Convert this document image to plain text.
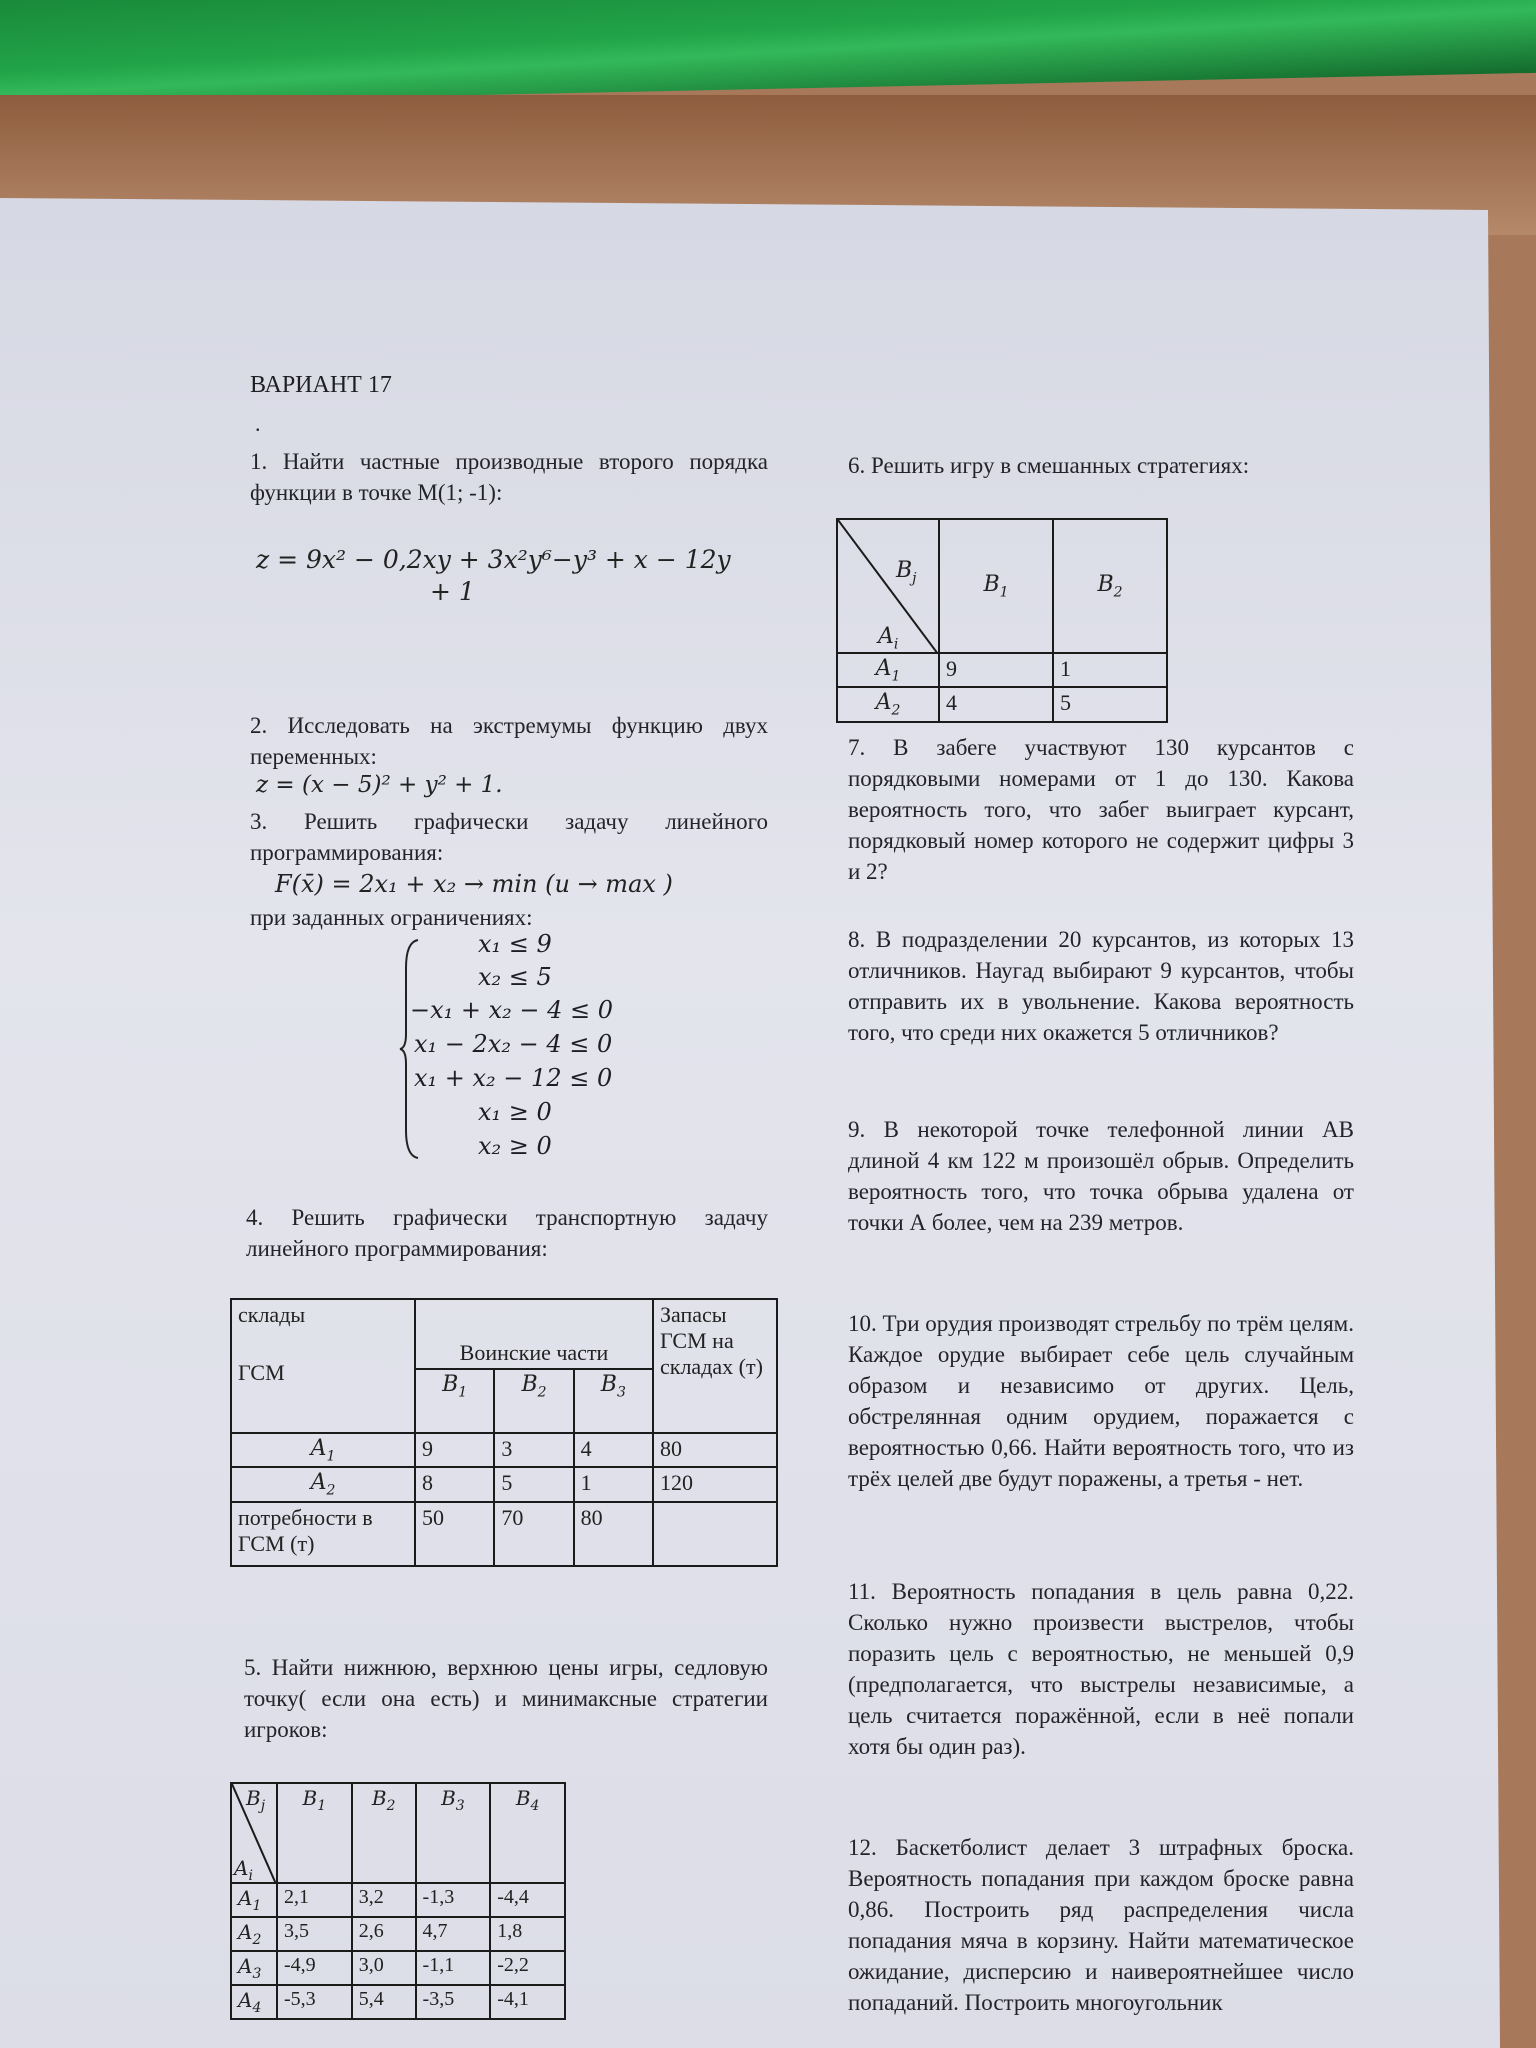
ВАРИАНТ 17
.
1. Найти частные производные второго порядка функции в точке М(1; -1):
z = 9x² − 0,2xy + 3x²y⁶−y³ + x − 12y
+ 1
2. Исследовать на экстремумы функцию двух переменных:
z = (x − 5)² + y² + 1.
3. Решить графически задачу линейного программирования:
F(x̄) = 2x₁ + x₂ → min (и → max )
при заданных ограничениях:
x₁ ≤ 9
x₂ ≤ 5
−x₁ + x₂ − 4 ≤ 0
x₁ − 2x₂ − 4 ≤ 0
x₁ + x₂ − 12 ≤ 0
x₁ ≥ 0
x₂ ≥ 0
4. Решить графически транспортную задачу линейного программирования:
склады
ГСМ	Воинские части			Запасы ГСМ на складах (т)
	$B_1$	$B_2$	$B_3$
$A_1$	9	3	4	80
$A_2$	8	5	1	120
потребности в ГСМ (т)	50	70	80	
5. Найти нижнюю, верхнюю цены игры, седловую точку( если она есть) и минимаксные стратегии игроков:
$B_j$
$A_i$	$B_1$	$B_2$	$B_3$	$B_4$
$A_1$	2,1	3,2	-1,3	-4,4
$A_2$	3,5	2,6	4,7	1,8
$A_3$	-4,9	3,0	-1,1	-2,2
$A_4$	-5,3	5,4	-3,5	-4,1
6. Решить игру в смешанных стратегиях:
$B_j$
$A_i$	$B_1$	$B_2$
$A_1$	9	1
$A_2$	4	5
7. В забеге участвуют 130 курсантов с порядковыми номерами от 1 до 130. Какова вероятность того, что забег выиграет курсант, порядковый номер которого не содержит цифры 3 и 2?
8. В подразделении 20 курсантов, из которых 13 отличников. Наугад выбирают 9 курсантов, чтобы отправить их в увольнение. Какова вероятность того, что среди них окажется 5 отличников?
9. В некоторой точке телефонной линии АВ длиной 4 км 122 м произошёл обрыв. Определить вероятность того, что точка обрыва удалена от точки А более, чем на 239 метров.
10. Три орудия производят стрельбу по трём целям. Каждое орудие выбирает себе цель случайным образом и независимо от других. Цель, обстрелянная одним орудием, поражается с вероятностью 0,66. Найти вероятность того, что из трёх целей две будут поражены, а третья - нет.
11. Вероятность попадания в цель равна 0,22. Сколько нужно произвести выстрелов, чтобы поразить цель с вероятностью, не меньшей 0,9 (предполагается, что выстрелы независимые, а цель считается поражённой, если в неё попали хотя бы один раз).
12. Баскетболист делает 3 штрафных броска. Вероятность попадания при каждом броске равна 0,86. Построить ряд распределения числа попадания мяча в корзину. Найти математическое ожидание, дисперсию и наивероятнейшее число попаданий. Построить многоугольник
